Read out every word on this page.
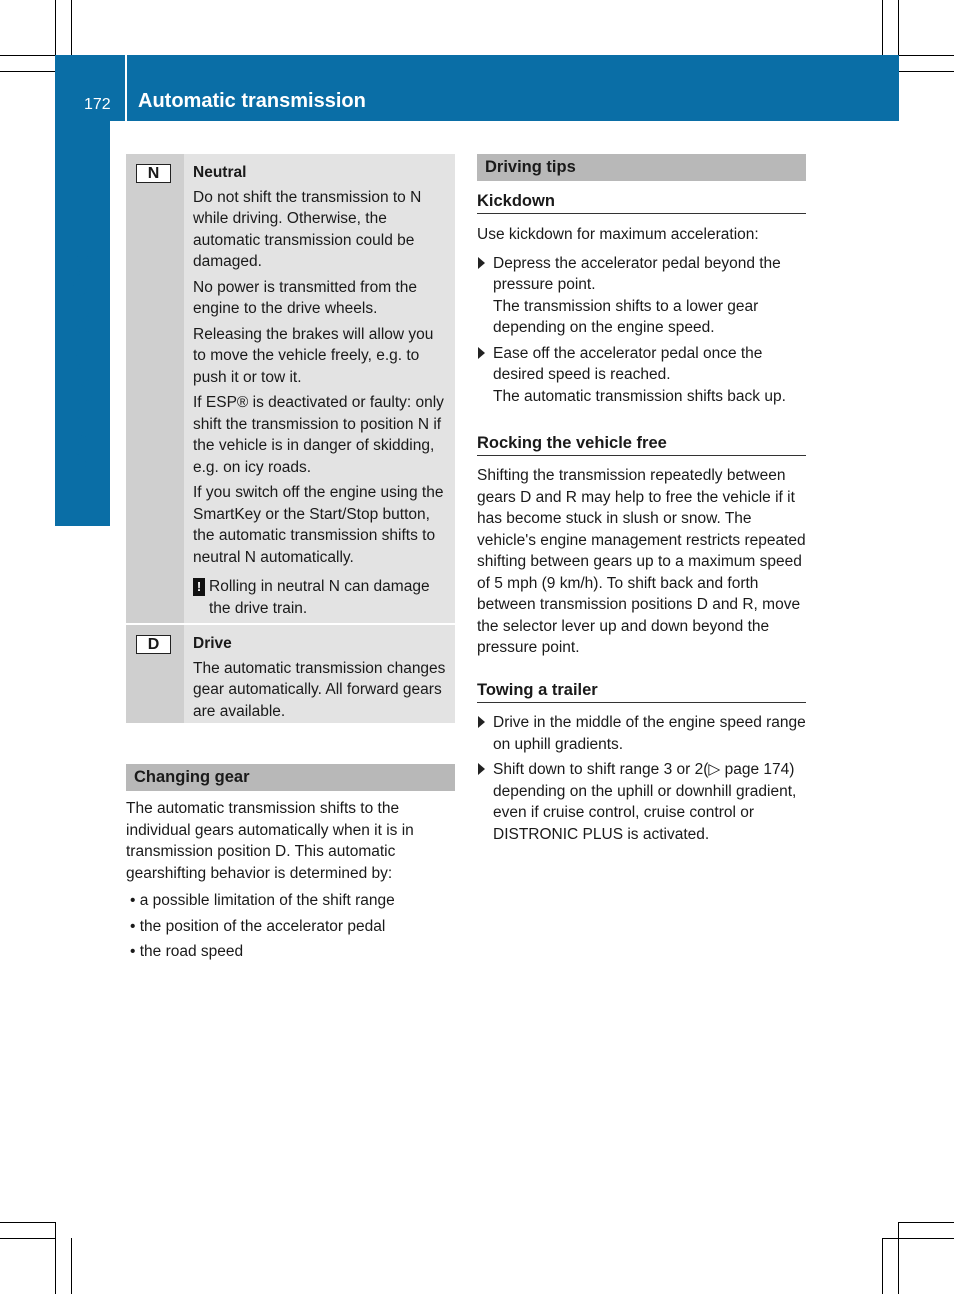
172 Automatic transmission
Driving and parking
N	Neutral

Do not shift the transmission to N while driving. Otherwise, the automatic transmission could be damaged.

No power is transmitted from the engine to the drive wheels.

Releasing the brakes will allow you to move the vehicle freely, e.g. to push it or tow it.

If ESP® is deactivated or faulty: only shift the transmission to position N if the vehicle is in danger of skidding, e.g. on icy roads.

If you switch off the engine using the SmartKey or the Start/Stop button, the automatic transmission shifts to neutral N automatically.

! Rolling in neutral N can damage the drive train.
D	Drive

The automatic transmission changes gear automatically. All forward gears are available.

Changing gear

The automatic transmission shifts to the individual gears automatically when it is in transmission position D. This automatic gearshifting behavior is determined by:

• a possible limitation of the shift range
• the position of the accelerator pedal
• the road speed
Driving tips
Kickdown

Use kickdown for maximum acceleration:

Depress the accelerator pedal beyond the pressure point.
The transmission shifts to a lower gear depending on the engine speed.
Ease off the accelerator pedal once the desired speed is reached.
The automatic transmission shifts back up.
Rocking the vehicle free

Shifting the transmission repeatedly between gears D and R may help to free the vehicle if it has become stuck in slush or snow. The vehicle's engine management restricts repeated shifting between gears up to a maximum speed of 5 mph (9 km/h). To shift back and forth between transmission positions D and R, move the selector lever up and down beyond the pressure point.

Towing a trailer
Drive in the middle of the engine speed range on uphill gradients.
Shift down to shift range 3 or 2(▷ page 174) depending on the uphill or downhill gradient, even if cruise control, cruise control or DISTRONIC PLUS is activated.
